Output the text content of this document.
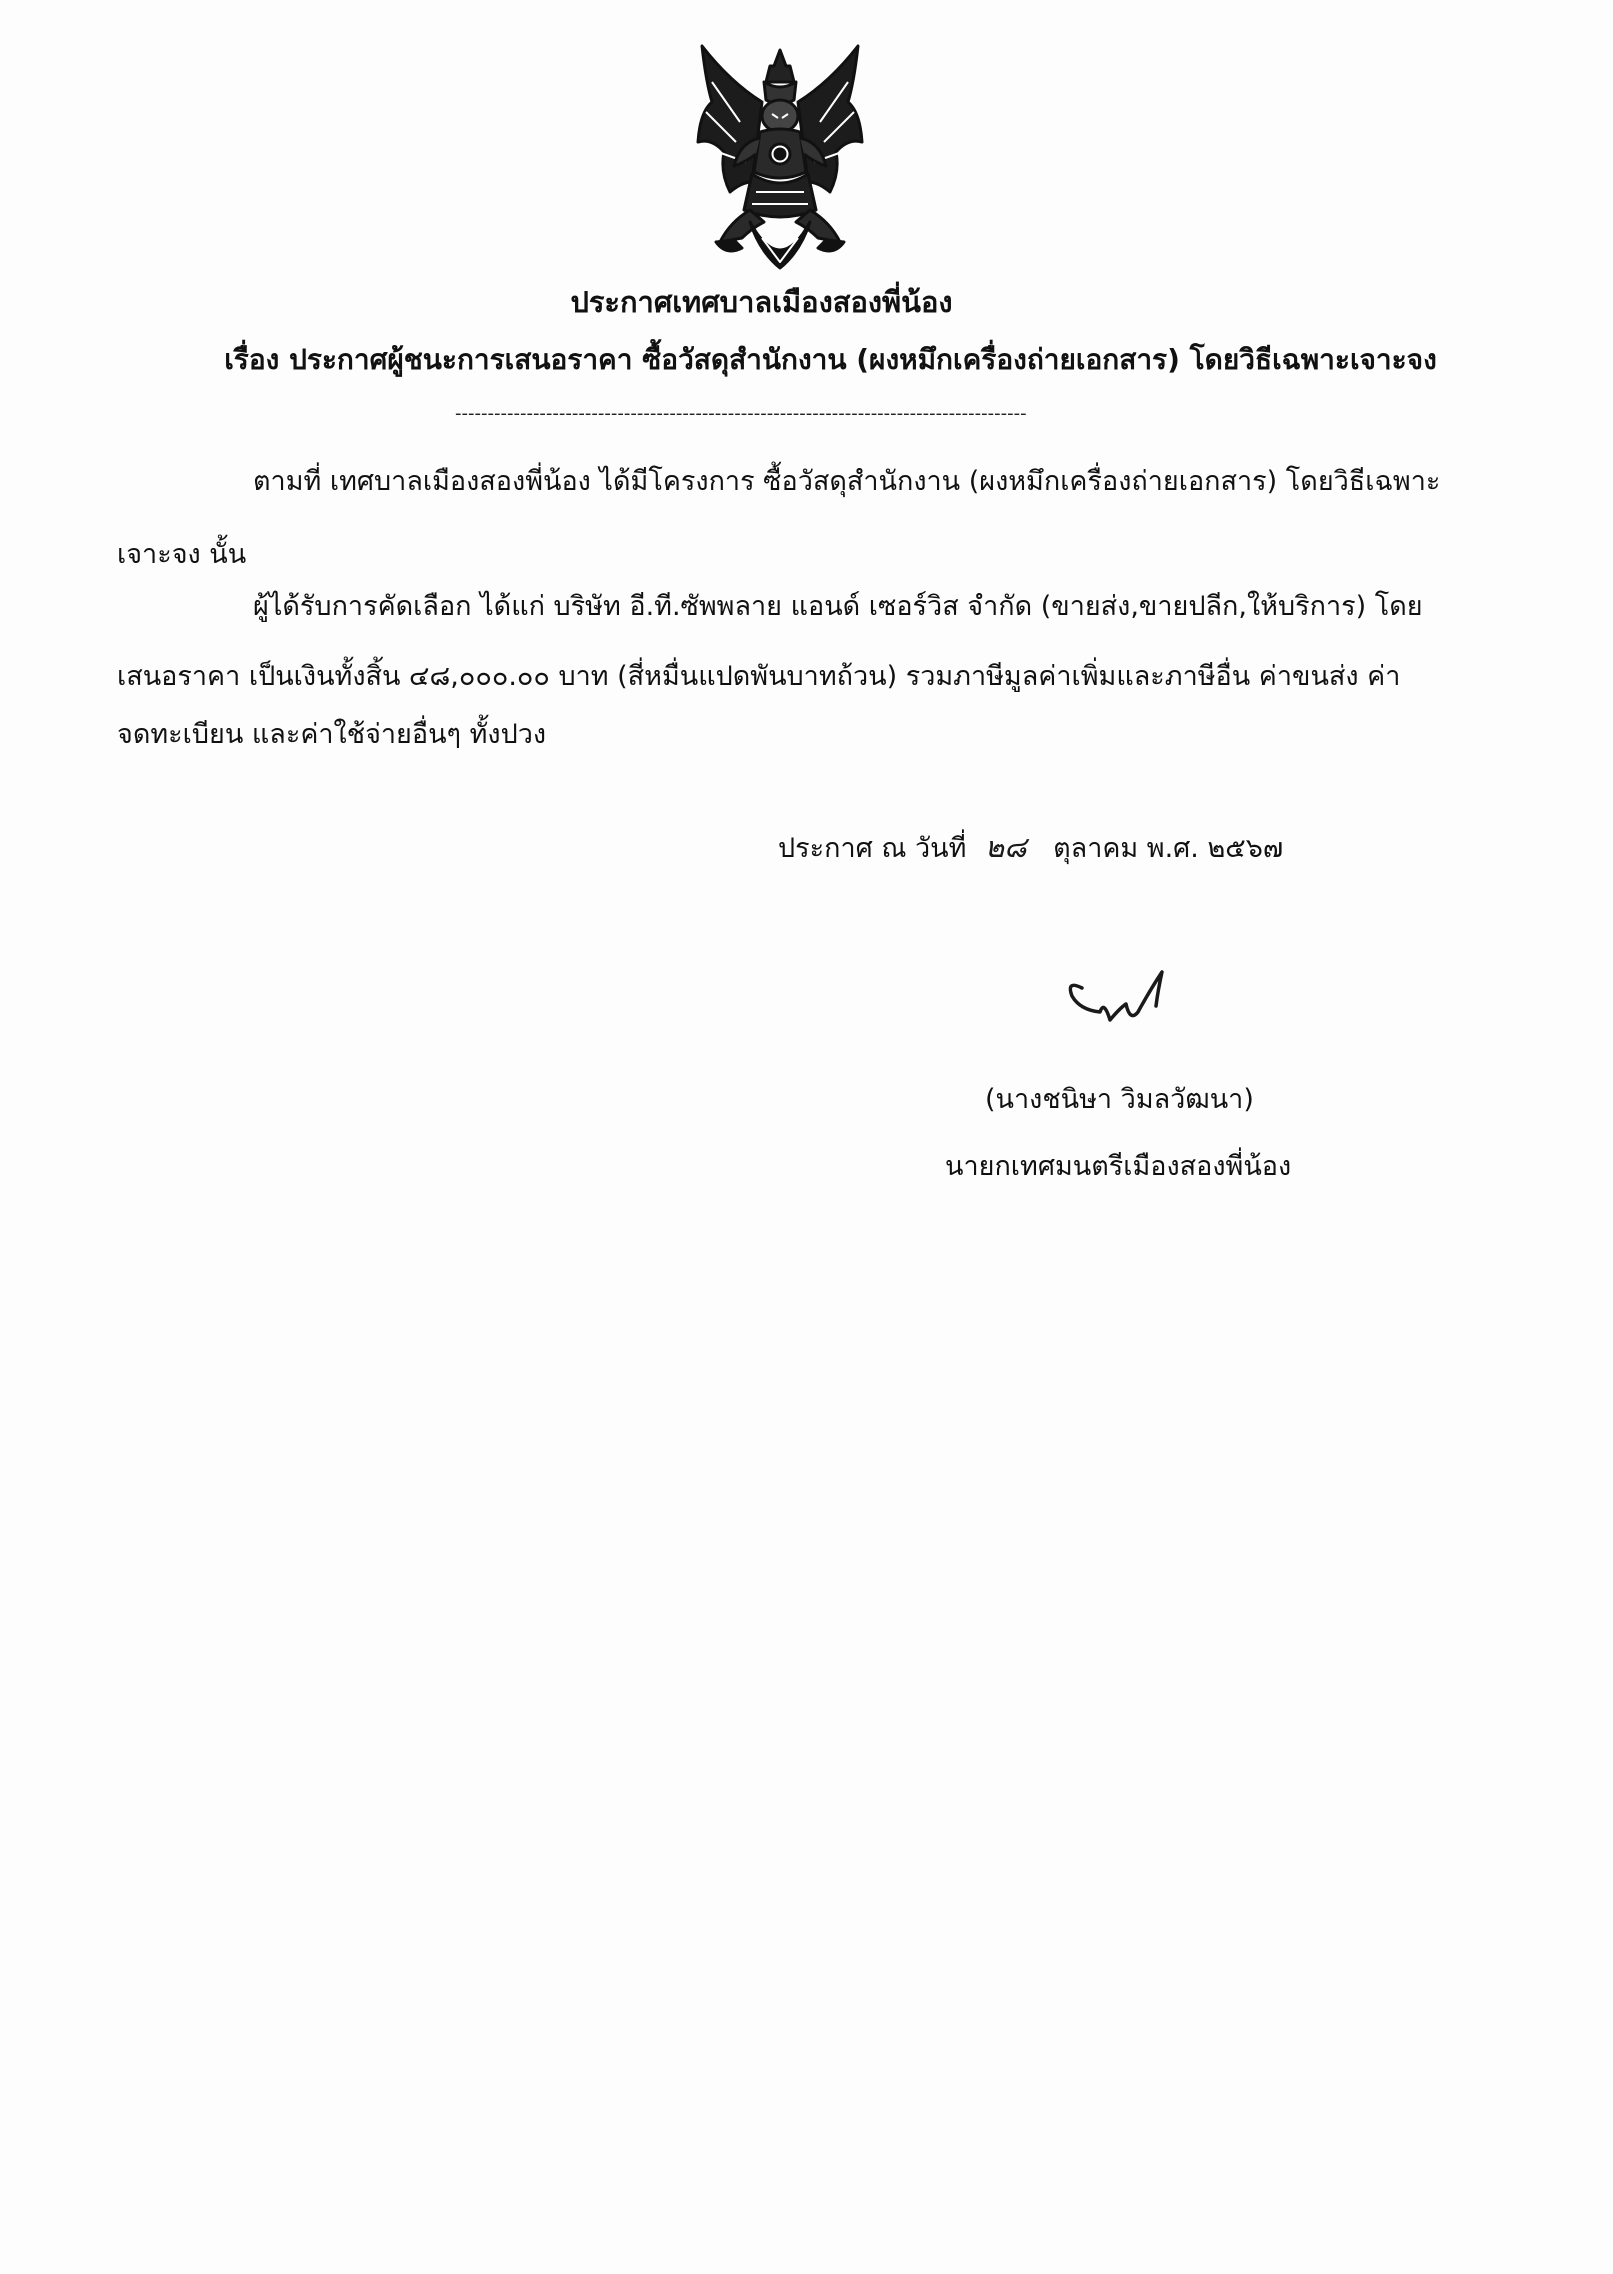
ประกาศเทศบาลเมืองสองพี่น้อง
เรื่อง ประกาศผู้ชนะการเสนอราคา ซื้อวัสดุสำนักงาน (ผงหมึกเครื่องถ่ายเอกสาร) โดยวิธีเฉพาะเจาะจง
----------------------------------------------------------------------------------------
ตามที่ เทศบาลเมืองสองพี่น้อง ได้มีโครงการ ซื้อวัสดุสำนักงาน (ผงหมึกเครื่องถ่ายเอกสาร) โดยวิธีเฉพาะ
เจาะจง นั้น
ผู้ได้รับการคัดเลือก ได้แก่ บริษัท อี.ที.ซัพพลาย แอนด์ เซอร์วิส จำกัด (ขายส่ง,ขายปลีก,ให้บริการ) โดย
เสนอราคา เป็นเงินทั้งสิ้น ๔๘,๐๐๐.๐๐ บาท (สี่หมื่นแปดพันบาทถ้วน) รวมภาษีมูลค่าเพิ่มและภาษีอื่น ค่าขนส่ง ค่า
จดทะเบียน และค่าใช้จ่ายอื่นๆ ทั้งปวง
ประกาศ ณ วันที่ ๒๘ ตุลาคม พ.ศ. ๒๕๖๗
(นางชนิษา วิมลวัฒนา)
นายกเทศมนตรีเมืองสองพี่น้อง
